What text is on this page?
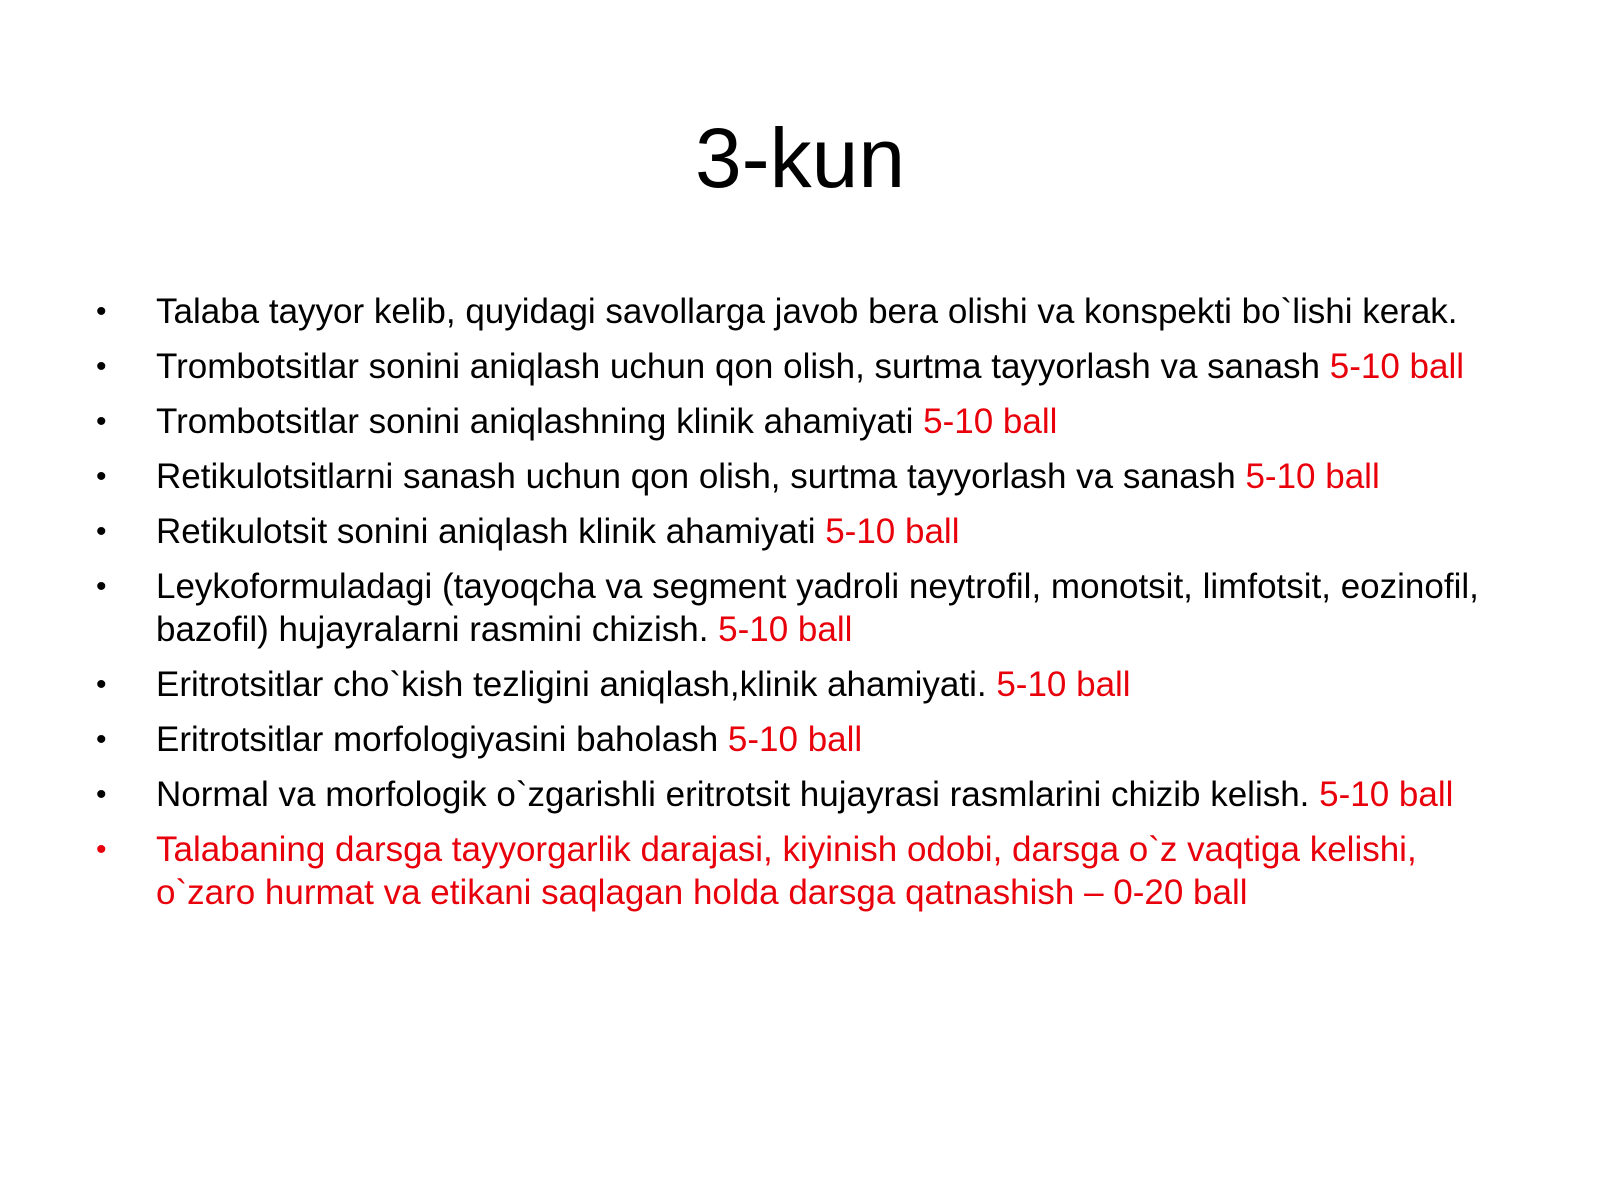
3-kun
• Talaba tayyor kelib, quyidagi savollarga javob bera olishi va konspekti bo`lishi kerak.
• Trombotsitlar sonini aniqlash uchun qon olish, surtma tayyorlash va sanash 5-10 ball
• Trombotsitlar sonini aniqlashning klinik ahamiyati 5-10 ball
• Retikulotsitlarni sanash uchun qon olish, surtma tayyorlash va sanash 5-10 ball
• Retikulotsit sonini aniqlash klinik ahamiyati 5-10 ball
• Leykoformuladagi (tayoqcha va segment yadroli neytrofil, monotsit, limfotsit, eozinofil, bazofil) hujayralarni rasmini chizish. 5-10 ball
• Eritrotsitlar cho`kish tezligini aniqlash,klinik ahamiyati. 5-10 ball
• Eritrotsitlar morfologiyasini baholash 5-10 ball
• Normal va morfologik o`zgarishli eritrotsit hujayrasi rasmlarini chizib kelish. 5-10 ball
• Talabaning darsga tayyorgarlik darajasi, kiyinish odobi, darsga o`z vaqtiga kelishi, o`zaro hurmat va etikani saqlagan holda darsga qatnashish – 0-20 ball
